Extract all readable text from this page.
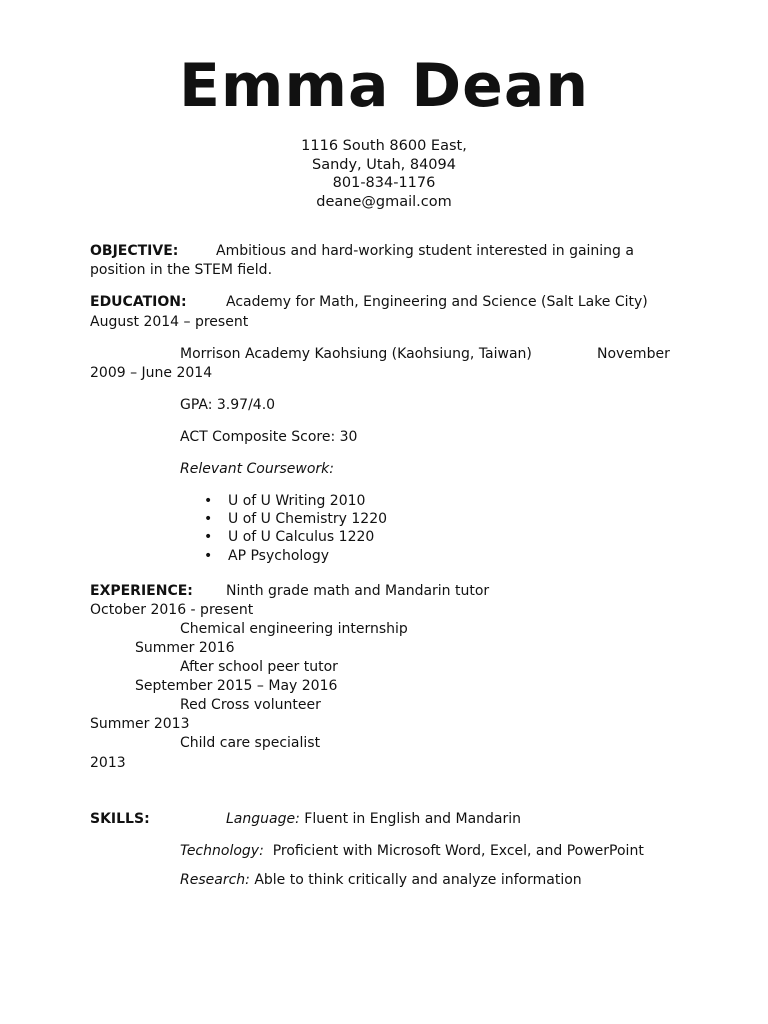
Emma Dean
1116 South 8600 East,
Sandy, Utah, 84094
801-834-1176
deane@gmail.com
OBJECTIVE:	Ambitious and hard-working student interested in gaining a
position in the STEM field.
EDUCATION:	Academy for Math, Engineering and Science (Salt Lake City)
August 2014 – present
Morrison Academy Kaohsiung (Kaohsiung, Taiwan)	November
2009 – June 2014
GPA: 3.97/4.0
ACT Composite Score: 30
Relevant Coursework:
• U of U Writing 2010
• U of U Chemistry 1220
• U of U Calculus 1220
• AP Psychology
EXPERIENCE: Ninth grade math and Mandarin tutor
October 2016 - present
Chemical engineering internship
Summer 2016
After school peer tutor
September 2015 – May 2016
Red Cross volunteer
Summer 2013
Child care specialist
2013
SKILLS:	Language: Fluent in English and Mandarin
Technology: Proficient with Microsoft Word, Excel, and PowerPoint
Research: Able to think critically and analyze information
